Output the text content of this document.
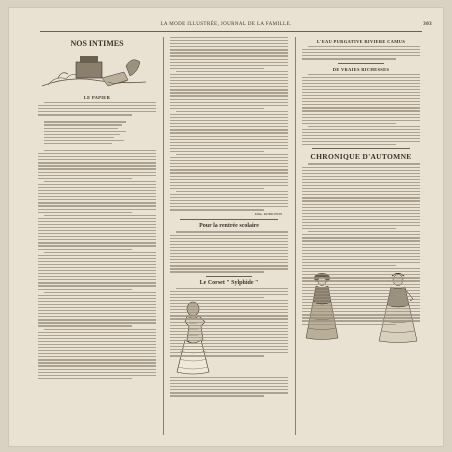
LA MODE ILLUSTRÉE, JOURNAL DE LA FAMILLE.	303
NOS INTIMES
LE PAPIER
Mme. ROBICHON
Pour la rentrée scolaire
Le Corset " Sylphide "
L'EAU PURGATIVE RIVIERE CAMUS
DE VRAIES RICHESSES
CHRONIQUE D'AUTOMNE
